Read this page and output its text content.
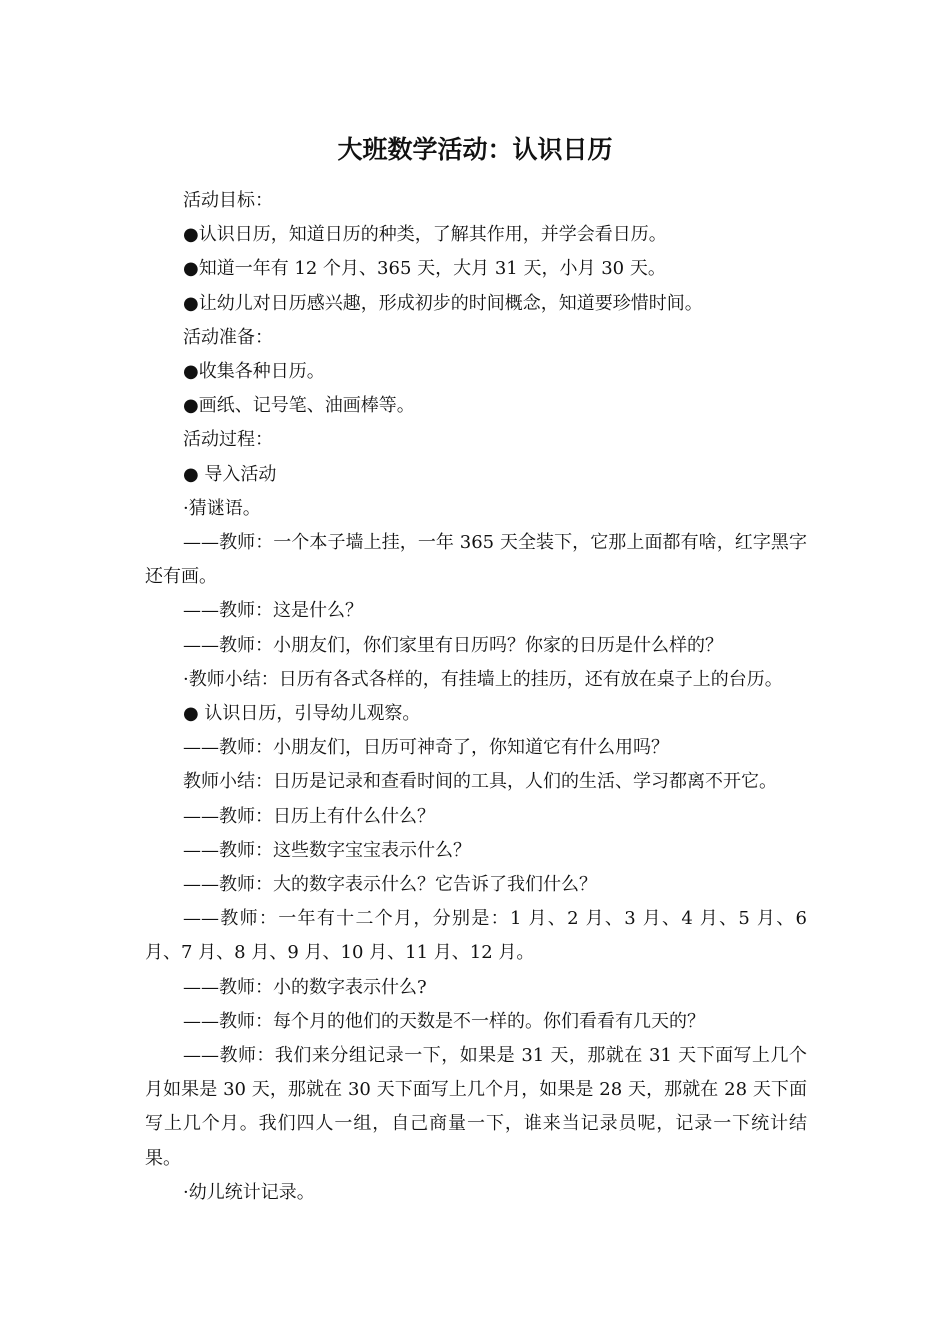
大班数学活动：认识日历

活动目标：

●认识日历，知道日历的种类，了解其作用，并学会看日历。

●知道一年有 12 个月、365 天，大月 31 天，小月 30 天。

●让幼儿对日历感兴趣，形成初步的时间概念，知道要珍惜时间。

活动准备：

●收集各种日历。

●画纸、记号笔、油画棒等。

活动过程：

● 导入活动

·猜谜语。

——教师：一个本子墙上挂，一年 365 天全装下，它那上面都有啥，红字黑字还有画。

——教师：这是什么？

——教师：小朋友们，你们家里有日历吗？你家的日历是什么样的？

·教师小结：日历有各式各样的，有挂墙上的挂历，还有放在桌子上的台历。

● 认识日历，引导幼儿观察。

——教师：小朋友们，日历可神奇了，你知道它有什么用吗？

教师小结：日历是记录和查看时间的工具，人们的生活、学习都离不开它。

——教师：日历上有什么什么？

——教师：这些数字宝宝表示什么？

——教师：大的数字表示什么？它告诉了我们什么？

——教师：一年有十二个月，分别是：1 月、2 月、3 月、4 月、5 月、6 月、7 月、8 月、9 月、10 月、11 月、12 月。

——教师：小的数字表示什么?

——教师：每个月的他们的天数是不一样的。你们看看有几天的？

——教师：我们来分组记录一下，如果是 31 天，那就在 31 天下面写上几个月如果是 30 天，那就在 30 天下面写上几个月，如果是 28 天，那就在 28 天下面写上几个月。我们四人一组，自己商量一下，谁来当记录员呢，记录一下统计结果。

·幼儿统计记录。
